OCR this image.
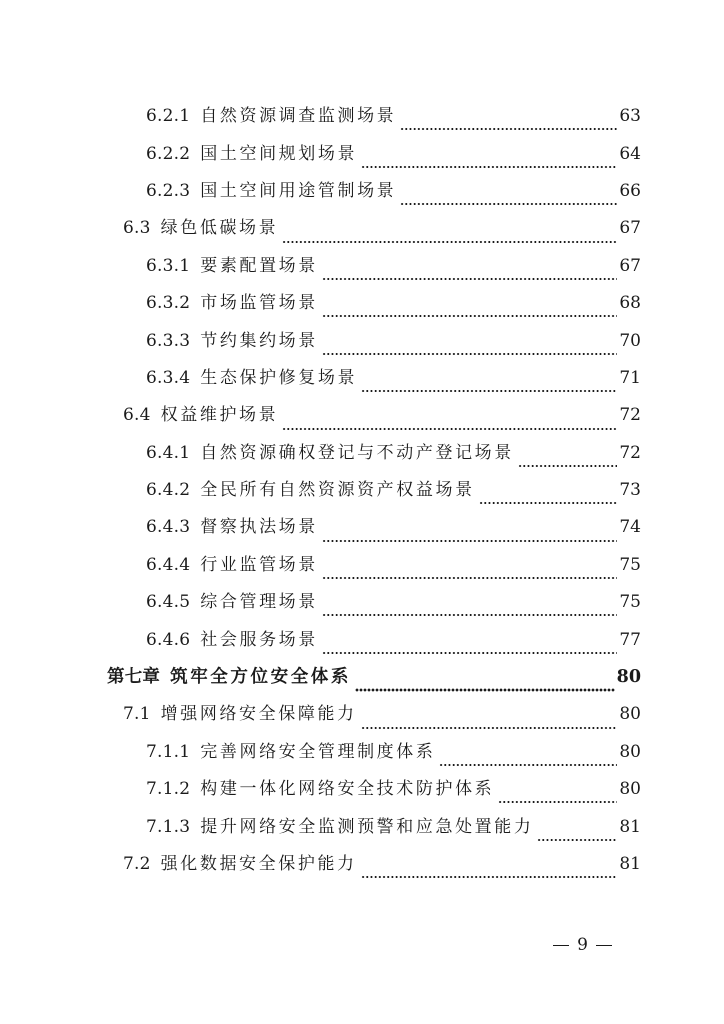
6.2.1 自然资源调查监测场景	63
6.2.2 国土空间规划场景	64
6.2.3 国土空间用途管制场景	66
6.3 绿色低碳场景	67
6.3.1 要素配置场景	67
6.3.2 市场监管场景	68
6.3.3 节约集约场景	70
6.3.4 生态保护修复场景	71
6.4 权益维护场景	72
6.4.1 自然资源确权登记与不动产登记场景	72
6.4.2 全民所有自然资源资产权益场景	73
6.4.3 督察执法场景	74
6.4.4 行业监管场景	75
6.4.5 综合管理场景	75
6.4.6 社会服务场景	77
第七章 筑牢全方位安全体系	80
7.1 增强网络安全保障能力	80
7.1.1 完善网络安全管理制度体系	80
7.1.2 构建一体化网络安全技术防护体系	80
7.1.3 提升网络安全监测预警和应急处置能力	81
7.2 强化数据安全保护能力	81
9
